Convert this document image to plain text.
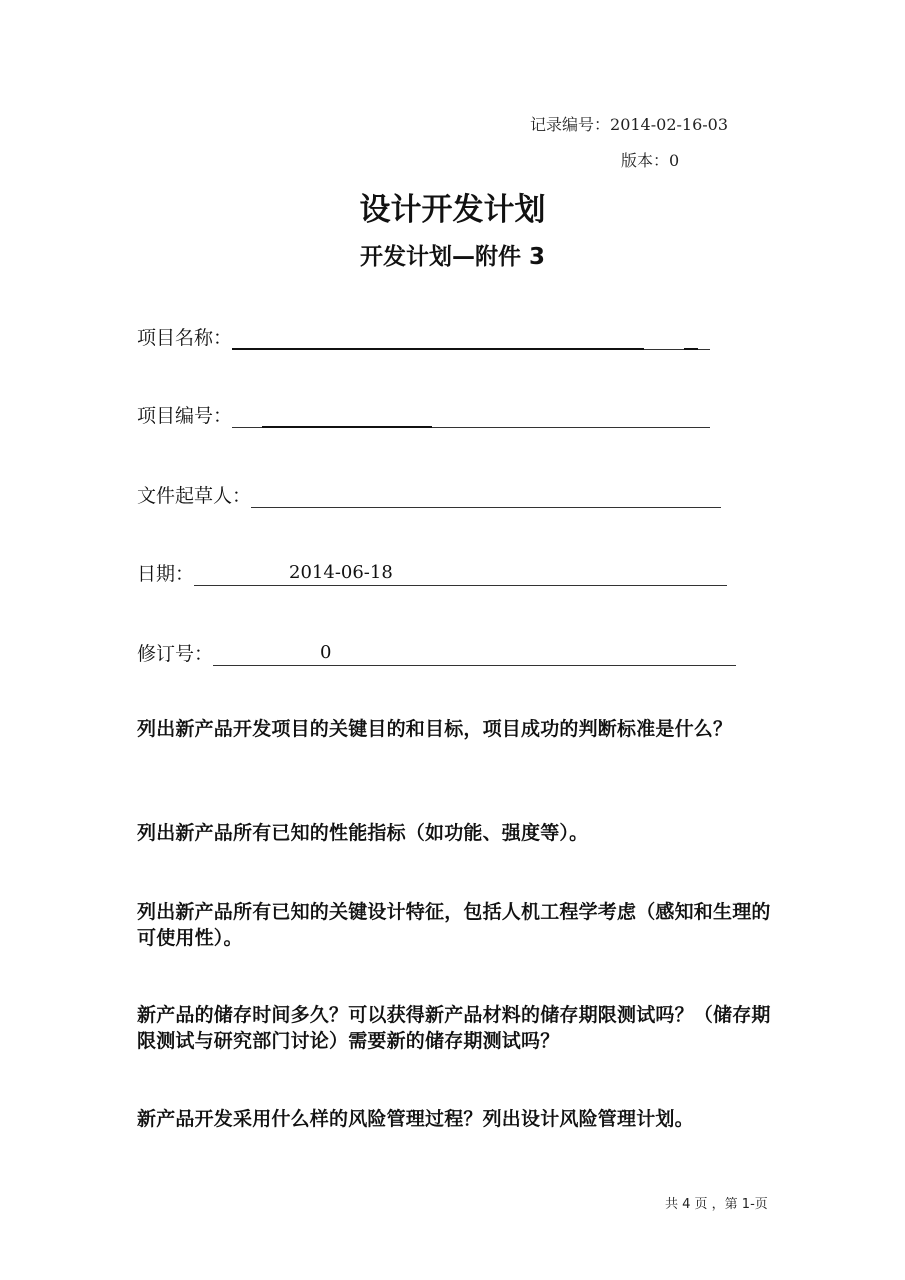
记录编号：2014-02-16-03
版本：0
设计开发计划
开发计划—附件 3
项目名称：
项目编号：
文件起草人：
日期：	2014-06-18
修订号：	0
列出新产品开发项目的关键目的和目标，项目成功的判断标准是什么？
列出新产品所有已知的性能指标（如功能、强度等）。
列出新产品所有已知的关键设计特征，包括人机工程学考虑（感知和生理的可使用性）。
新产品的储存时间多久？可以获得新产品材料的储存期限测试吗？（储存期限测试与研究部门讨论）需要新的储存期测试吗？
新产品开发采用什么样的风险管理过程？列出设计风险管理计划。
共 4 页 ，第 1-页
